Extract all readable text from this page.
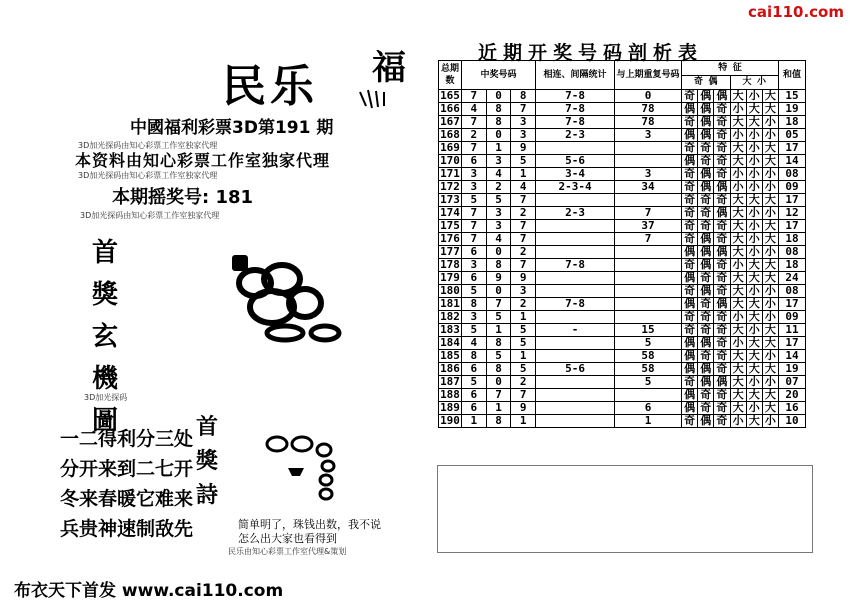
cai110.com
民乐 福
中國福利彩票3D第191 期
3D加光探码由知心彩票工作室独家代理
本资料由知心彩票工作室独家代理
3D加光探码由知心彩票工作室独家代理
本期摇奖号: 181
3D加光探码由知心彩票工作室独家代理
首
獎
玄
機
圖
3D加光探码
一二得利分三处
分开来到二七开
冬来春暖它难来
兵贵神速制敌先
首
獎
詩
简单明了，珠钱出数，我不说
怎么出大家也看得到
民乐由知心彩票工作室代理&策划
布衣天下首发 www.cai110.com
近期开奖号码剖析表
总期数	中奖号码			相连、间隔统计	与上期重复号码	特 征						和值
						奇 偶			大 小			
165	7	0	8	7-8	0	奇	偶	偶	大	小	大	15
166	4	8	7	7-8	78	偶	偶	奇	小	大	大	19
167	7	8	3	7-8	78	奇	偶	奇	大	大	小	18
168	2	0	3	2-3	3	偶	偶	奇	小	小	小	05
169	7	1	9			奇	奇	奇	大	小	大	17
170	6	3	5	5-6		偶	奇	奇	大	小	大	14
171	3	4	1	3-4	3	奇	偶	奇	小	小	小	08
172	3	2	4	2-3-4	34	奇	偶	偶	小	小	小	09
173	5	5	7			奇	奇	奇	大	大	大	17
174	7	3	2	2-3	7	奇	奇	偶	大	小	小	12
175	7	3	7		37	奇	奇	奇	大	小	大	17
176	7	4	7		7	奇	偶	奇	大	小	大	18
177	6	0	2			偶	偶	偶	大	小	小	08
178	3	8	7	7-8		奇	偶	奇	小	大	大	18
179	6	9	9			偶	奇	奇	大	大	大	24
180	5	0	3			奇	偶	奇	大	小	小	08
181	8	7	2	7-8		偶	奇	偶	大	大	小	17
182	3	5	1			奇	奇	奇	小	大	小	09
183	5	1	5	-	15	奇	奇	奇	大	小	大	11
184	4	8	5		5	偶	偶	奇	小	大	大	17
185	8	5	1		58	偶	奇	奇	大	大	小	14
186	6	8	5	5-6	58	偶	偶	奇	大	大	大	19
187	5	0	2		5	奇	偶	偶	大	小	小	07
188	6	7	7			偶	奇	奇	大	大	大	20
189	6	1	9		6	偶	奇	奇	大	小	大	16
190	1	8	1		1	奇	偶	奇	小	大	小	10
